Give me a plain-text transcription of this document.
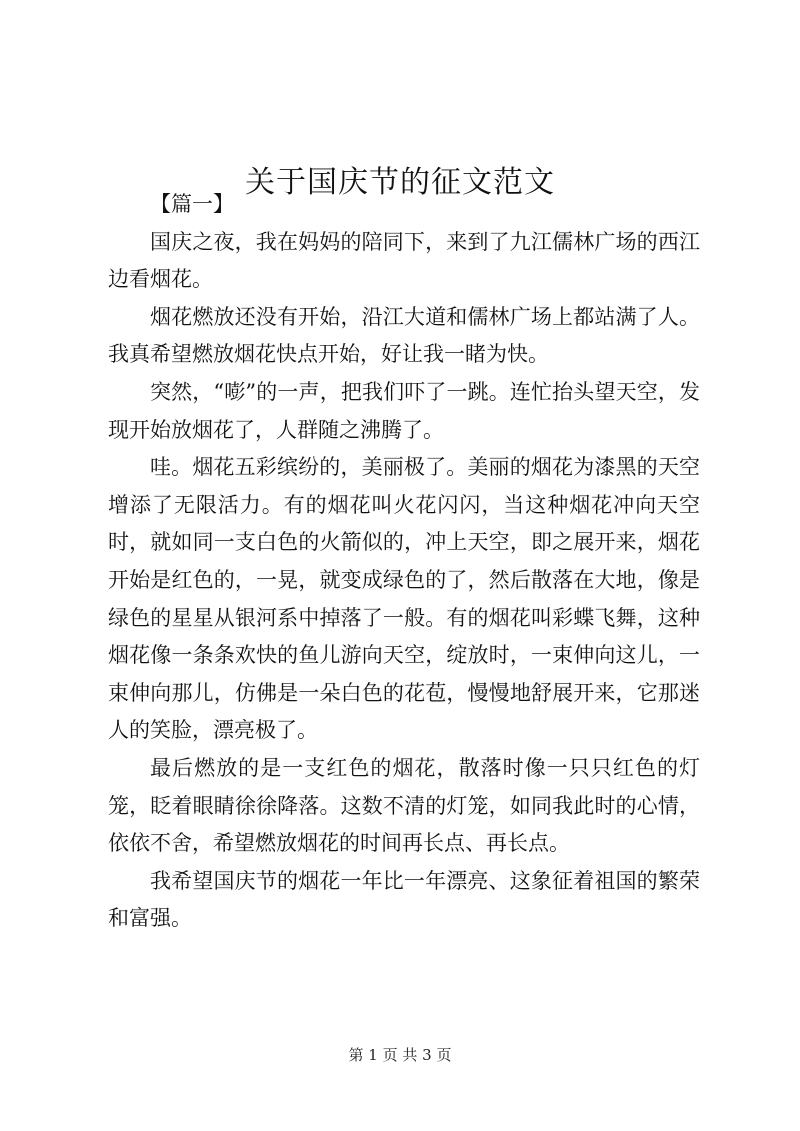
关于国庆节的征文范文

【篇一】

国庆之夜，我在妈妈的陪同下，来到了九江儒林广场的西江边看烟花。

烟花燃放还没有开始，沿江大道和儒林广场上都站满了人。我真希望燃放烟花快点开始，好让我一睹为快。

突然，“嘭”的一声，把我们吓了一跳。连忙抬头望天空，发现开始放烟花了，人群随之沸腾了。

哇。烟花五彩缤纷的，美丽极了。美丽的烟花为漆黑的天空增添了无限活力。有的烟花叫火花闪闪，当这种烟花冲向天空时，就如同一支白色的火箭似的，冲上天空，即之展开来，烟花开始是红色的，一晃，就变成绿色的了，然后散落在大地，像是绿色的星星从银河系中掉落了一般。有的烟花叫彩蝶飞舞，这种烟花像一条条欢快的鱼儿游向天空，绽放时，一束伸向这儿，一束伸向那儿，仿佛是一朵白色的花苞，慢慢地舒展开来，它那迷人的笑脸，漂亮极了。

最后燃放的是一支红色的烟花，散落时像一只只红色的灯笼，眨着眼睛徐徐降落。这数不清的灯笼，如同我此时的心情，依依不舍，希望燃放烟花的时间再长点、再长点。

我希望国庆节的烟花一年比一年漂亮、这象征着祖国的繁荣和富强。

第 1 页 共 3 页
